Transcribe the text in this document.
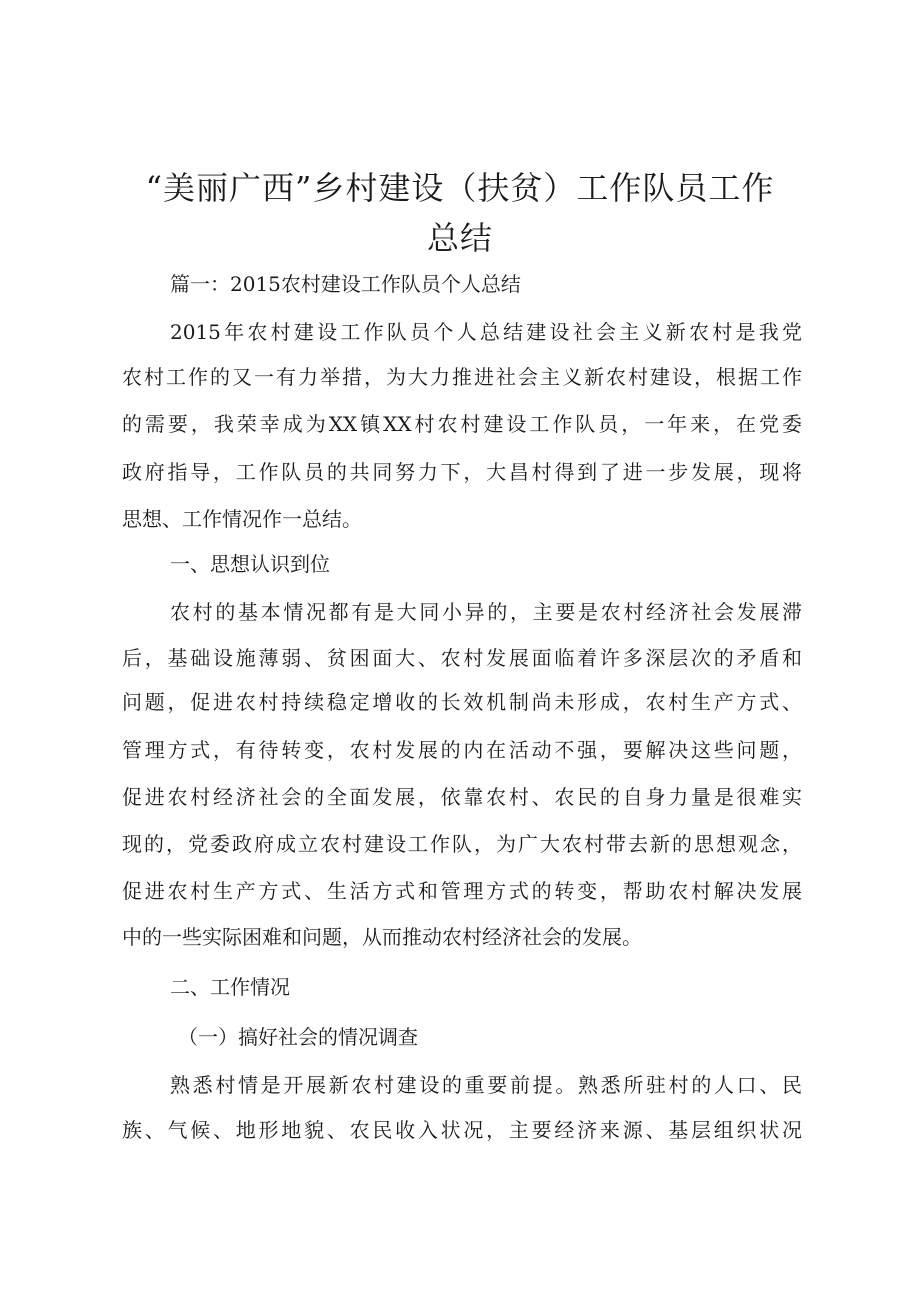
“美丽广西”乡村建设（扶贫）工作队员工作
总结
篇一：2015农村建设工作队员个人总结
2015年农村建设工作队员个人总结建设社会主义新农村是我党
农村工作的又一有力举措，为大力推进社会主义新农村建设，根据工作
的需要，我荣幸成为XX镇XX村农村建设工作队员，一年来，在党委
政府指导，工作队员的共同努力下，大昌村得到了进一步发展，现将
思想、工作情况作一总结。
一、思想认识到位
农村的基本情况都有是大同小异的，主要是农村经济社会发展滞
后，基础设施薄弱、贫困面大、农村发展面临着许多深层次的矛盾和
问题，促进农村持续稳定增收的长效机制尚未形成，农村生产方式、
管理方式，有待转变，农村发展的内在活动不强，要解决这些问题，
促进农村经济社会的全面发展，依靠农村、农民的自身力量是很难实
现的，党委政府成立农村建设工作队，为广大农村带去新的思想观念，
促进农村生产方式、生活方式和管理方式的转变，帮助农村解决发展
中的一些实际困难和问题，从而推动农村经济社会的发展。
二、工作情况
（一）搞好社会的情况调查
熟悉村情是开展新农村建设的重要前提。熟悉所驻村的人口、民
族、气候、地形地貌、农民收入状况，主要经济来源、基层组织状况
